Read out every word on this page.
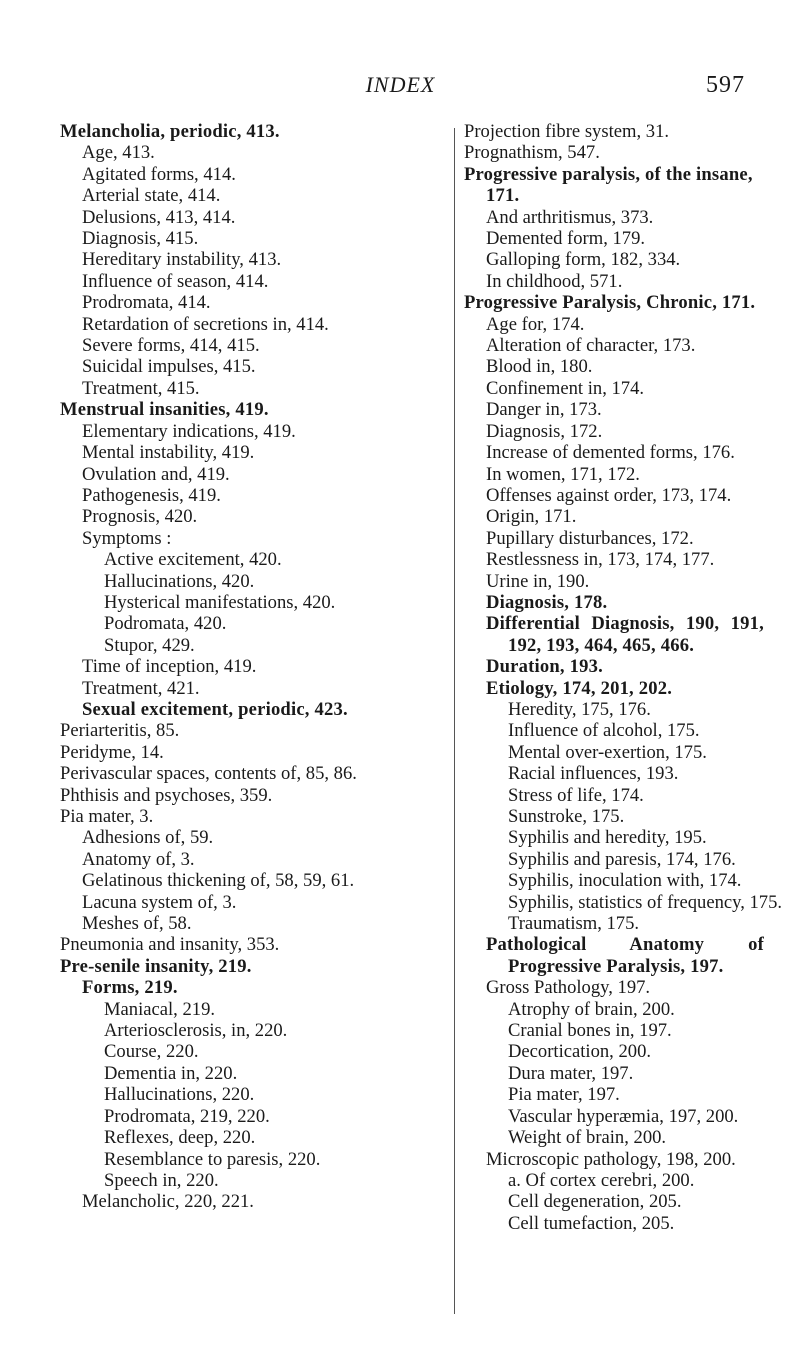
INDEX	597
Melancholia, periodic, 413.
Age, 413.
Agitated forms, 414.
Arterial state, 414.
Delusions, 413, 414.
Diagnosis, 415.
Hereditary instability, 413.
Influence of season, 414.
Prodromata, 414.
Retardation of secretions in, 414.
Severe forms, 414, 415.
Suicidal impulses, 415.
Treatment, 415.
Menstrual insanities, 419.
Elementary indications, 419.
Mental instability, 419.
Ovulation and, 419.
Pathogenesis, 419.
Prognosis, 420.
Symptoms :
Active excitement, 420.
Hallucinations, 420.
Hysterical manifestations, 420.
Podromata, 420.
Stupor, 429.
Time of inception, 419.
Treatment, 421.
Sexual excitement, periodic, 423.
Periarteritis, 85.
Peridyme, 14.
Perivascular spaces, contents of, 85, 86.
Phthisis and psychoses, 359.
Pia mater, 3.
Adhesions of, 59.
Anatomy of, 3.
Gelatinous thickening of, 58, 59, 61.
Lacuna system of, 3.
Meshes of, 58.
Pneumonia and insanity, 353.
Pre-senile insanity, 219.
Forms, 219.
Maniacal, 219.
Arteriosclerosis, in, 220.
Course, 220.
Dementia in, 220.
Hallucinations, 220.
Prodromata, 219, 220.
Reflexes, deep, 220.
Resemblance to paresis, 220.
Speech in, 220.
Melancholic, 220, 221.
Projection fibre system, 31.
Prognathism, 547.
Progressive paralysis, of the insane, 171.
And arthritismus, 373.
Demented form, 179.
Galloping form, 182, 334.
In childhood, 571.
Progressive Paralysis, Chronic, 171.
Age for, 174.
Alteration of character, 173.
Blood in, 180.
Confinement in, 174.
Danger in, 173.
Diagnosis, 172.
Increase of demented forms, 176.
In women, 171, 172.
Offenses against order, 173, 174.
Origin, 171.
Pupillary disturbances, 172.
Restlessness in, 173, 174, 177.
Urine in, 190.
Diagnosis, 178.
Differential Diagnosis, 190, 191, 192, 193, 464, 465, 466.
Duration, 193.
Etiology, 174, 201, 202.
Heredity, 175, 176.
Influence of alcohol, 175.
Mental over-exertion, 175.
Racial influences, 193.
Stress of life, 174.
Sunstroke, 175.
Syphilis and heredity, 195.
Syphilis and paresis, 174, 176.
Syphilis, inoculation with, 174.
Syphilis, statistics of frequency, 175.
Traumatism, 175.
Pathological Anatomy of Progressive Paralysis, 197.
Gross Pathology, 197.
Atrophy of brain, 200.
Cranial bones in, 197.
Decortication, 200.
Dura mater, 197.
Pia mater, 197.
Vascular hyperæmia, 197, 200.
Weight of brain, 200.
Microscopic pathology, 198, 200.
a. Of cortex cerebri, 200.
Cell degeneration, 205.
Cell tumefaction, 205.
